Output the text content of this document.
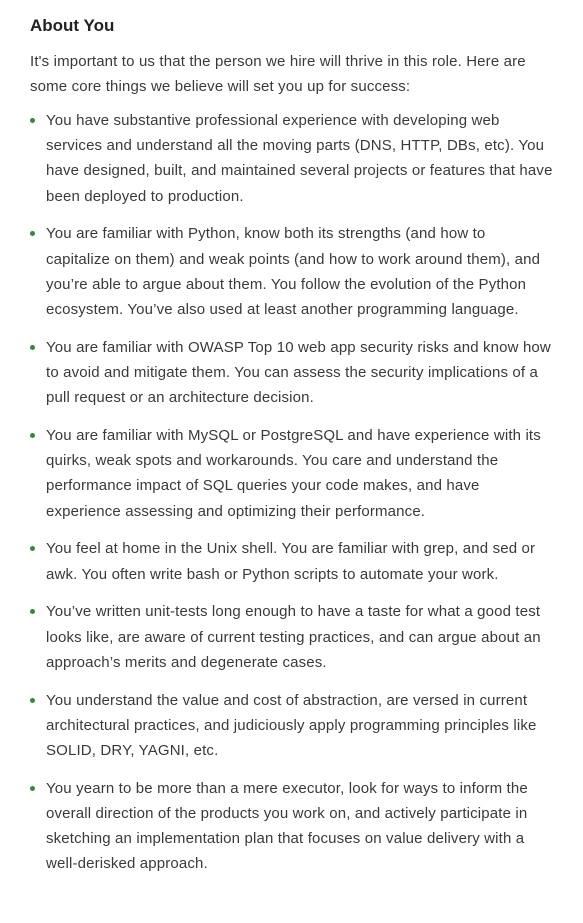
About You

It's important to us that the person we hire will thrive in this role. Here are some core things we believe will set you up for success:

You have substantive professional experience with developing web services and understand all the moving parts (DNS, HTTP, DBs, etc). You have designed, built, and maintained several projects or features that have been deployed to production.
You are familiar with Python, know both its strengths (and how to capitalize on them) and weak points (and how to work around them), and you’re able to argue about them. You follow the evolution of the Python ecosystem. You’ve also used at least another programming language.
You are familiar with OWASP Top 10 web app security risks and know how to avoid and mitigate them. You can assess the security implications of a pull request or an architecture decision.
You are familiar with MySQL or PostgreSQL and have experience with its quirks, weak spots and workarounds. You care and understand the performance impact of SQL queries your code makes, and have experience assessing and optimizing their performance.
You feel at home in the Unix shell. You are familiar with grep, and sed or awk. You often write bash or Python scripts to automate your work.
You’ve written unit-tests long enough to have a taste for what a good test looks like, are aware of current testing practices, and can argue about an approach’s merits and degenerate cases.
You understand the value and cost of abstraction, are versed in current architectural practices, and judiciously apply programming principles like SOLID, DRY, YAGNI, etc.
You yearn to be more than a mere executor, look for ways to inform the overall direction of the products you work on, and actively participate in sketching an implementation plan that focuses on value delivery with a well-derisked approach.
